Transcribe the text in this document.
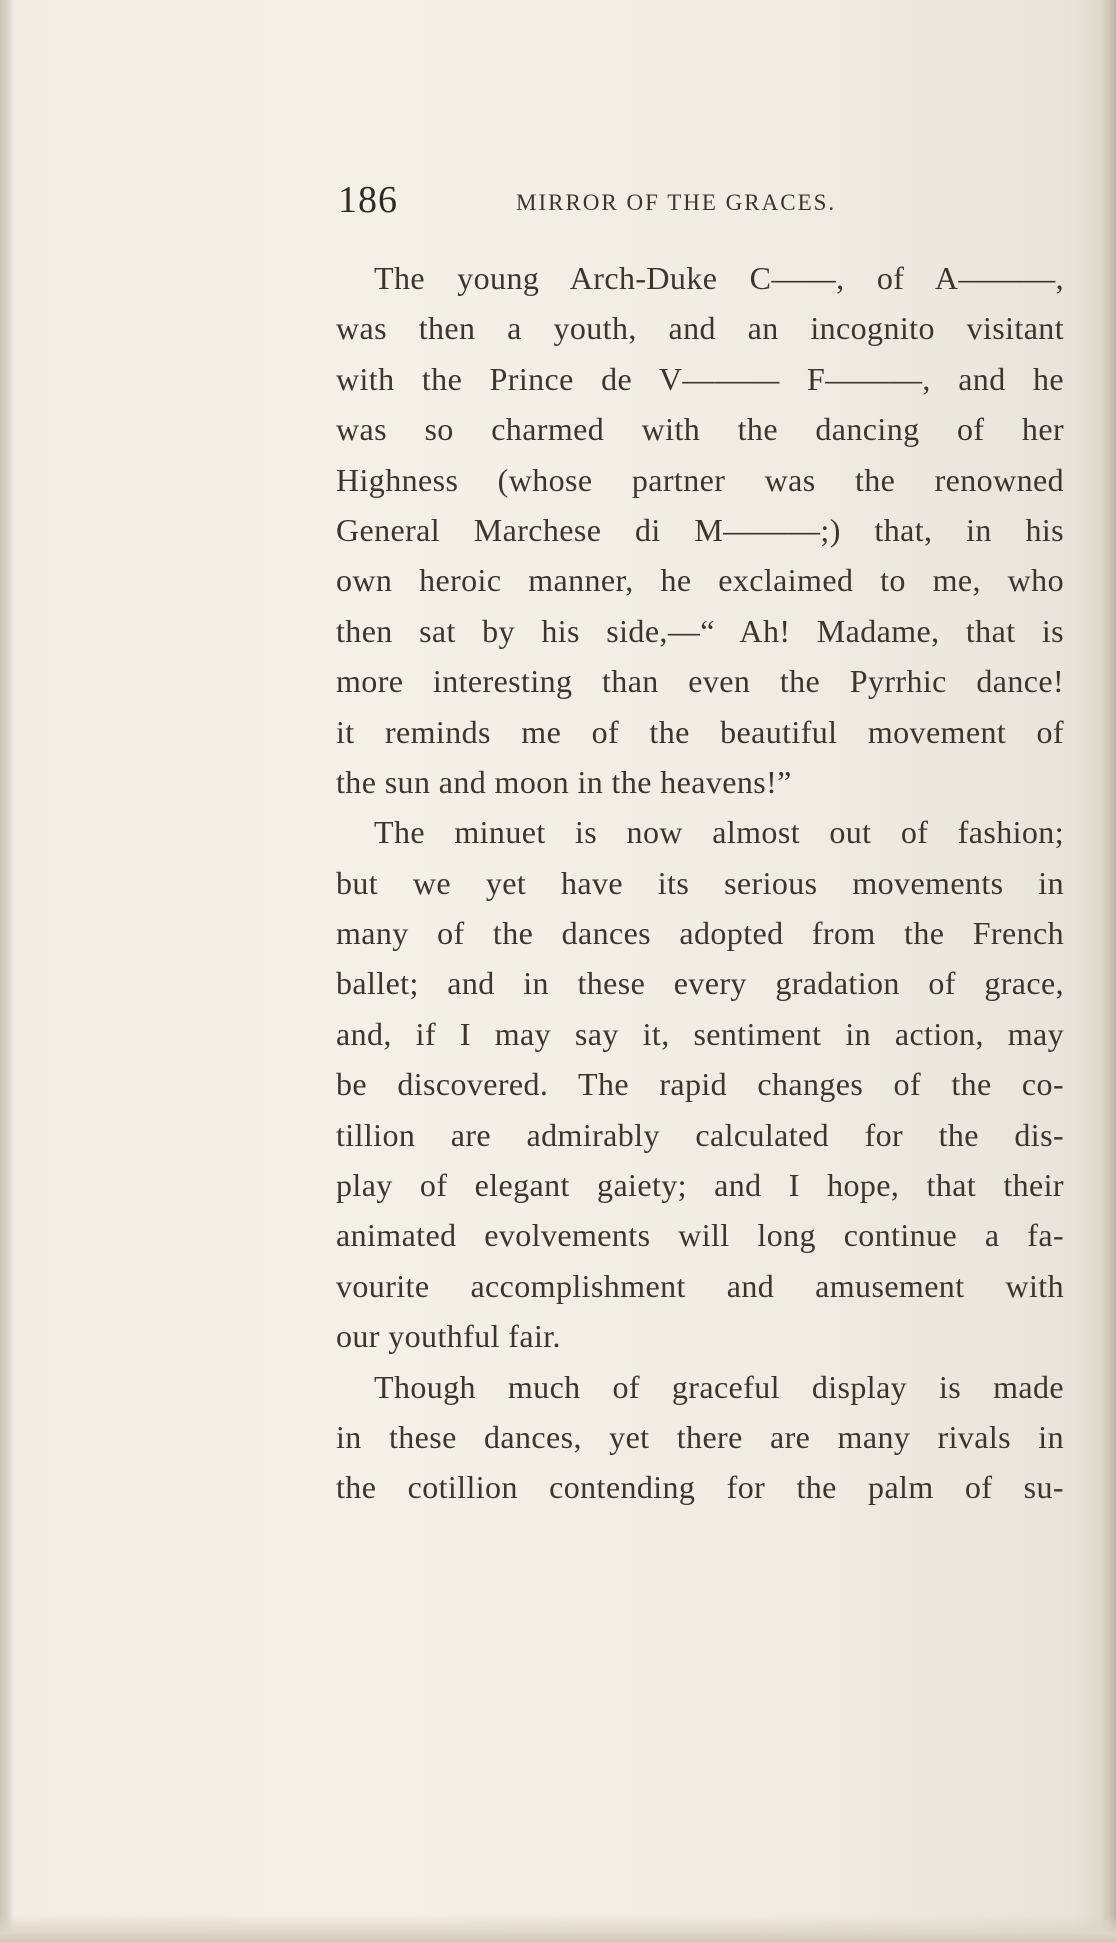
186	MIRROR OF THE GRACES.
The young Arch-Duke C——, of A———,
was then a youth, and an incognito visitant
with the Prince de V——— F———, and he
was so charmed with the dancing of her
Highness (whose partner was the renowned
General Marchese di M———;) that, in his
own heroic manner, he exclaimed to me, who
then sat by his side,—“ Ah! Madame, that is
more interesting than even the Pyrrhic dance!
it reminds me of the beautiful movement of
the sun and moon in the heavens!”
The minuet is now almost out of fashion;
but we yet have its serious movements in
many of the dances adopted from the French
ballet; and in these every gradation of grace,
and, if I may say it, sentiment in action, may
be discovered. The rapid changes of the co-
tillion are admirably calculated for the dis-
play of elegant gaiety; and I hope, that their
animated evolvements will long continue a fa-
vourite accomplishment and amusement with
our youthful fair.
Though much of graceful display is made
in these dances, yet there are many rivals in
the cotillion contending for the palm of su-
